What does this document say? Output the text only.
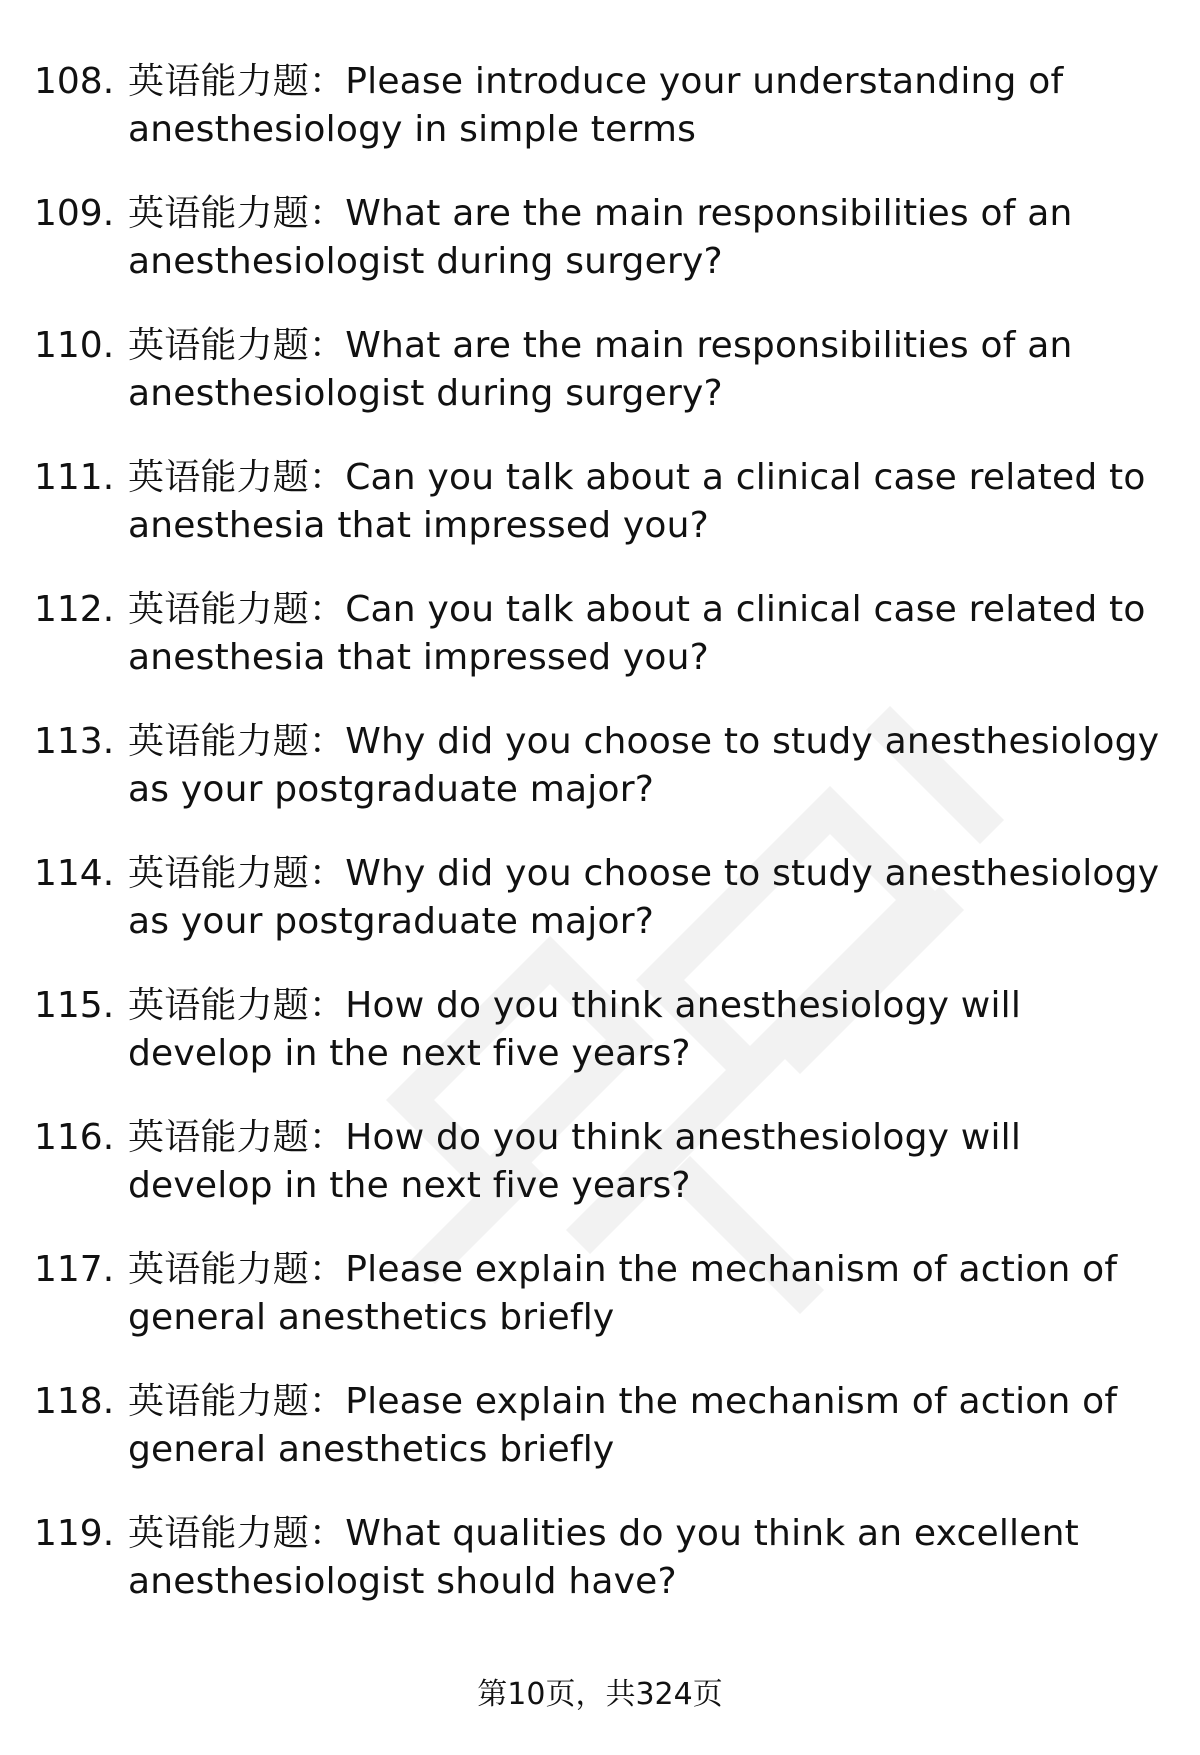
108. 英语能力题：Please introduce your understanding of anesthesiology in simple terms
109. 英语能力题：What are the main responsibilities of an anesthesiologist during surgery?
110. 英语能力题：What are the main responsibilities of an anesthesiologist during surgery?
111. 英语能力题：Can you talk about a clinical case related to anesthesia that impressed you?
112. 英语能力题：Can you talk about a clinical case related to anesthesia that impressed you?
113. 英语能力题：Why did you choose to study anesthesiology as your postgraduate major?
114. 英语能力题：Why did you choose to study anesthesiology as your postgraduate major?
115. 英语能力题：How do you think anesthesiology will develop in the next five years?
116. 英语能力题：How do you think anesthesiology will develop in the next five years?
117. 英语能力题：Please explain the mechanism of action of general anesthetics briefly
118. 英语能力题：Please explain the mechanism of action of general anesthetics briefly
119. 英语能力题：What qualities do you think an excellent anesthesiologist should have?
第10页，共324页
